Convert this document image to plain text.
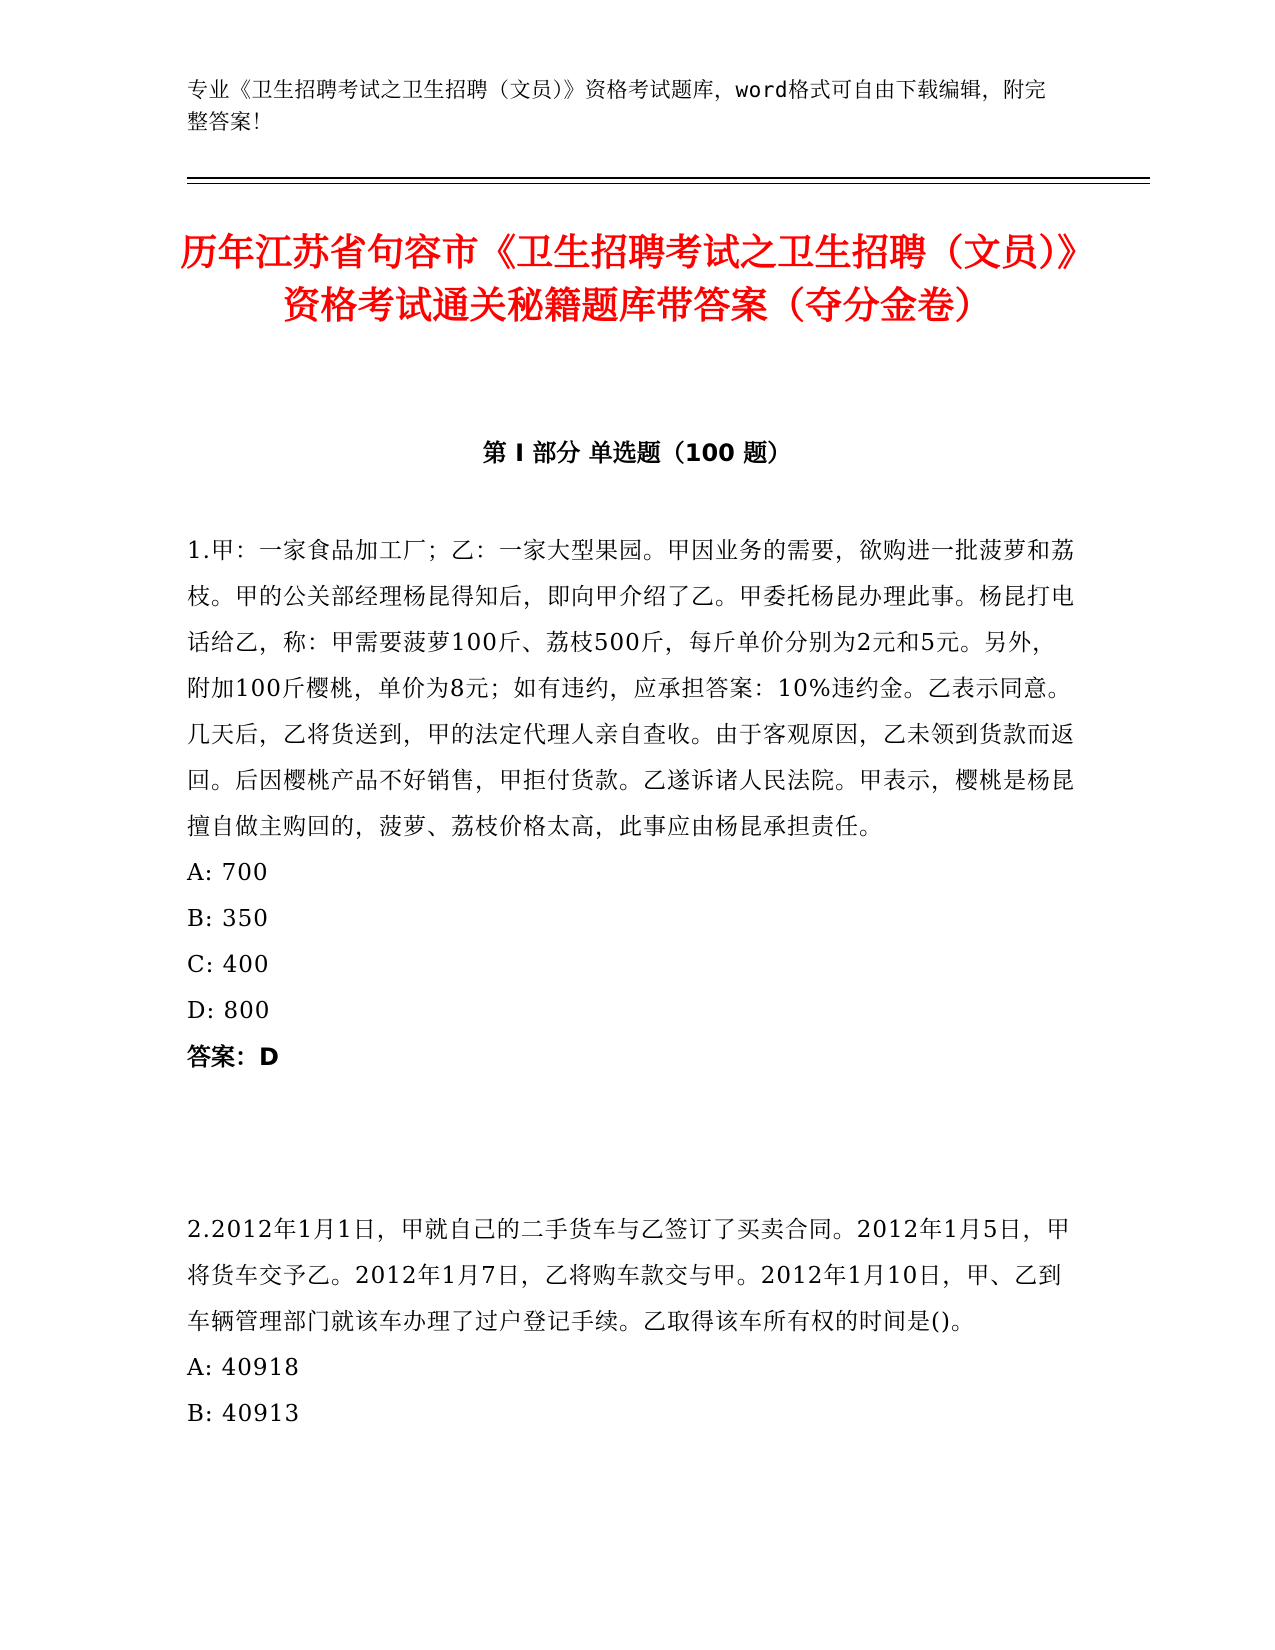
专业《卫生招聘考试之卫生招聘（文员）》资格考试题库，word格式可自由下载编辑，附完整答案！
历年江苏省句容市《卫生招聘考试之卫生招聘（文员）》资格考试通关秘籍题库带答案（夺分金卷）
第 I 部分 单选题（100 题）

1.甲：一家食品加工厂；乙：一家大型果园。甲因业务的需要，欲购进一批菠萝和荔枝。甲的公关部经理杨昆得知后，即向甲介绍了乙。甲委托杨昆办理此事。杨昆打电话给乙，称：甲需要菠萝100斤、荔枝500斤，每斤单价分别为2元和5元。另外，附加100斤樱桃，单价为8元；如有违约，应承担答案：10%违约金。乙表示同意。几天后，乙将货送到，甲的法定代理人亲自查收。由于客观原因，乙未领到货款而返回。后因樱桃产品不好销售，甲拒付货款。乙遂诉诸人民法院。甲表示，樱桃是杨昆擅自做主购回的，菠萝、荔枝价格太高，此事应由杨昆承担责任。

A: 700

B: 350

C: 400

D: 800

答案：D

2.2012年1月1日，甲就自己的二手货车与乙签订了买卖合同。2012年1月5日，甲将货车交予乙。2012年1月7日，乙将购车款交与甲。2012年1月10日，甲、乙到车辆管理部门就该车办理了过户登记手续。乙取得该车所有权的时间是()。

A: 40918

B: 40913
